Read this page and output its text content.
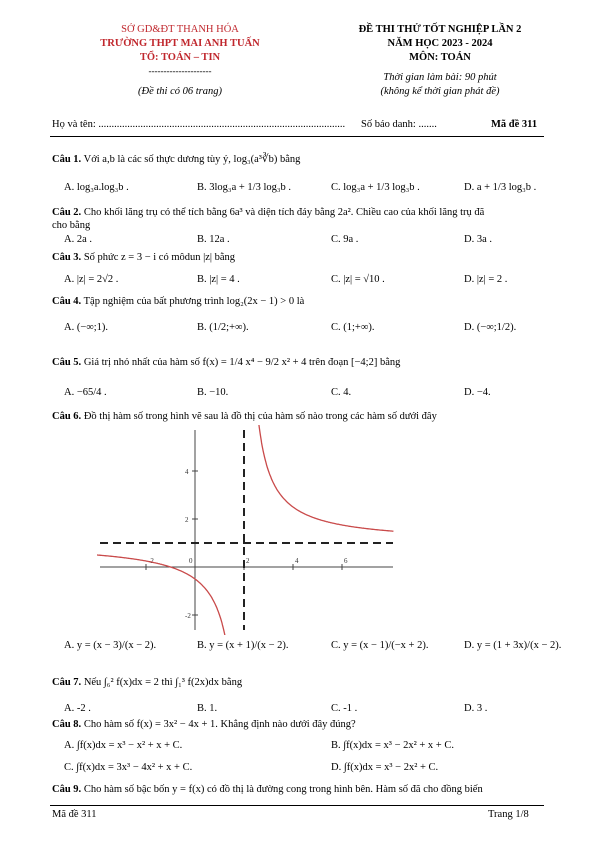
SỞ GD&ĐT THANH HÓA
TRƯỜNG THPT MAI ANH TUẤN
TỔ: TOÁN – TIN
---------------------
(Đề thi có 06 trang)
ĐỀ THI THỬ TỐT NGHIỆP LẦN 2
NĂM HỌC 2023 - 2024
MÔN: TOÁN
Thời gian làm bài: 90 phút
(không kể thời gian phát đề)
Họ và tên: .............................................................................................. Số báo danh: .......	Mã đề 311
Câu 1. Với a,b là các số thực dương tùy ý, log₃(a³∛b) bằng
A. log₃a.log₃b .	B. 3log₃a + 1/3 log₃b .	C. log₃a + 1/3 log₃b .	D. a + 1/3 log₃b .
Câu 2. Cho khối lăng trụ có thể tích bằng 6a³ và diện tích đáy bằng 2a². Chiều cao của khối lăng trụ đã
cho bằng
A. 2a .	B. 12a .	C. 9a .	D. 3a .
Câu 3. Số phức z = 3 − i có môdun |z| bằng
A. |z| = 2√2 .	B. |z| = 4 .	C. |z| = √10 .	D. |z| = 2 .
Câu 4. Tập nghiệm của bất phương trình log₂(2x − 1) > 0 là
A. (−∞;1).	B. (1/2;+∞).	C. (1;+∞).	D. (−∞;1/2).
Câu 5. Giá trị nhỏ nhất của hàm số f(x) = 1/4 x⁴ − 9/2 x² + 4 trên đoạn [−4;2] bằng
A. −65/4 .	B. −10.	C. 4.	D. −4.
Câu 6. Đồ thị hàm số trong hình vẽ sau là đồ thị của hàm số nào trong các hàm số dưới đây
-2	0	2	4	6
4
2
-2
A. y = (x − 3)/(x − 2).	B. y = (x + 1)/(x − 2).	C. y = (x − 1)/(−x + 2).	D. y = (1 + 3x)/(x − 2).
Câu 7. Nếu ∫₆² f(x)dx = 2 thì ∫₁³ f(2x)dx bằng
A. -2 .	B. 1.	C. -1 .	D. 3 .
Câu 8. Cho hàm số f(x) = 3x² − 4x + 1. Khẳng định nào dưới đây đúng?
A. ∫f(x)dx = x³ − x² + x + C.	B. ∫f(x)dx = x³ − 2x² + x + C.
C. ∫f(x)dx = 3x³ − 4x² + x + C.	D. ∫f(x)dx = x³ − 2x² + C.
Câu 9. Cho hàm số bậc bốn y = f(x) có đồ thị là đường cong trong hình bên. Hàm số đã cho đồng biến
Mã đề 311	Trang 1/8
